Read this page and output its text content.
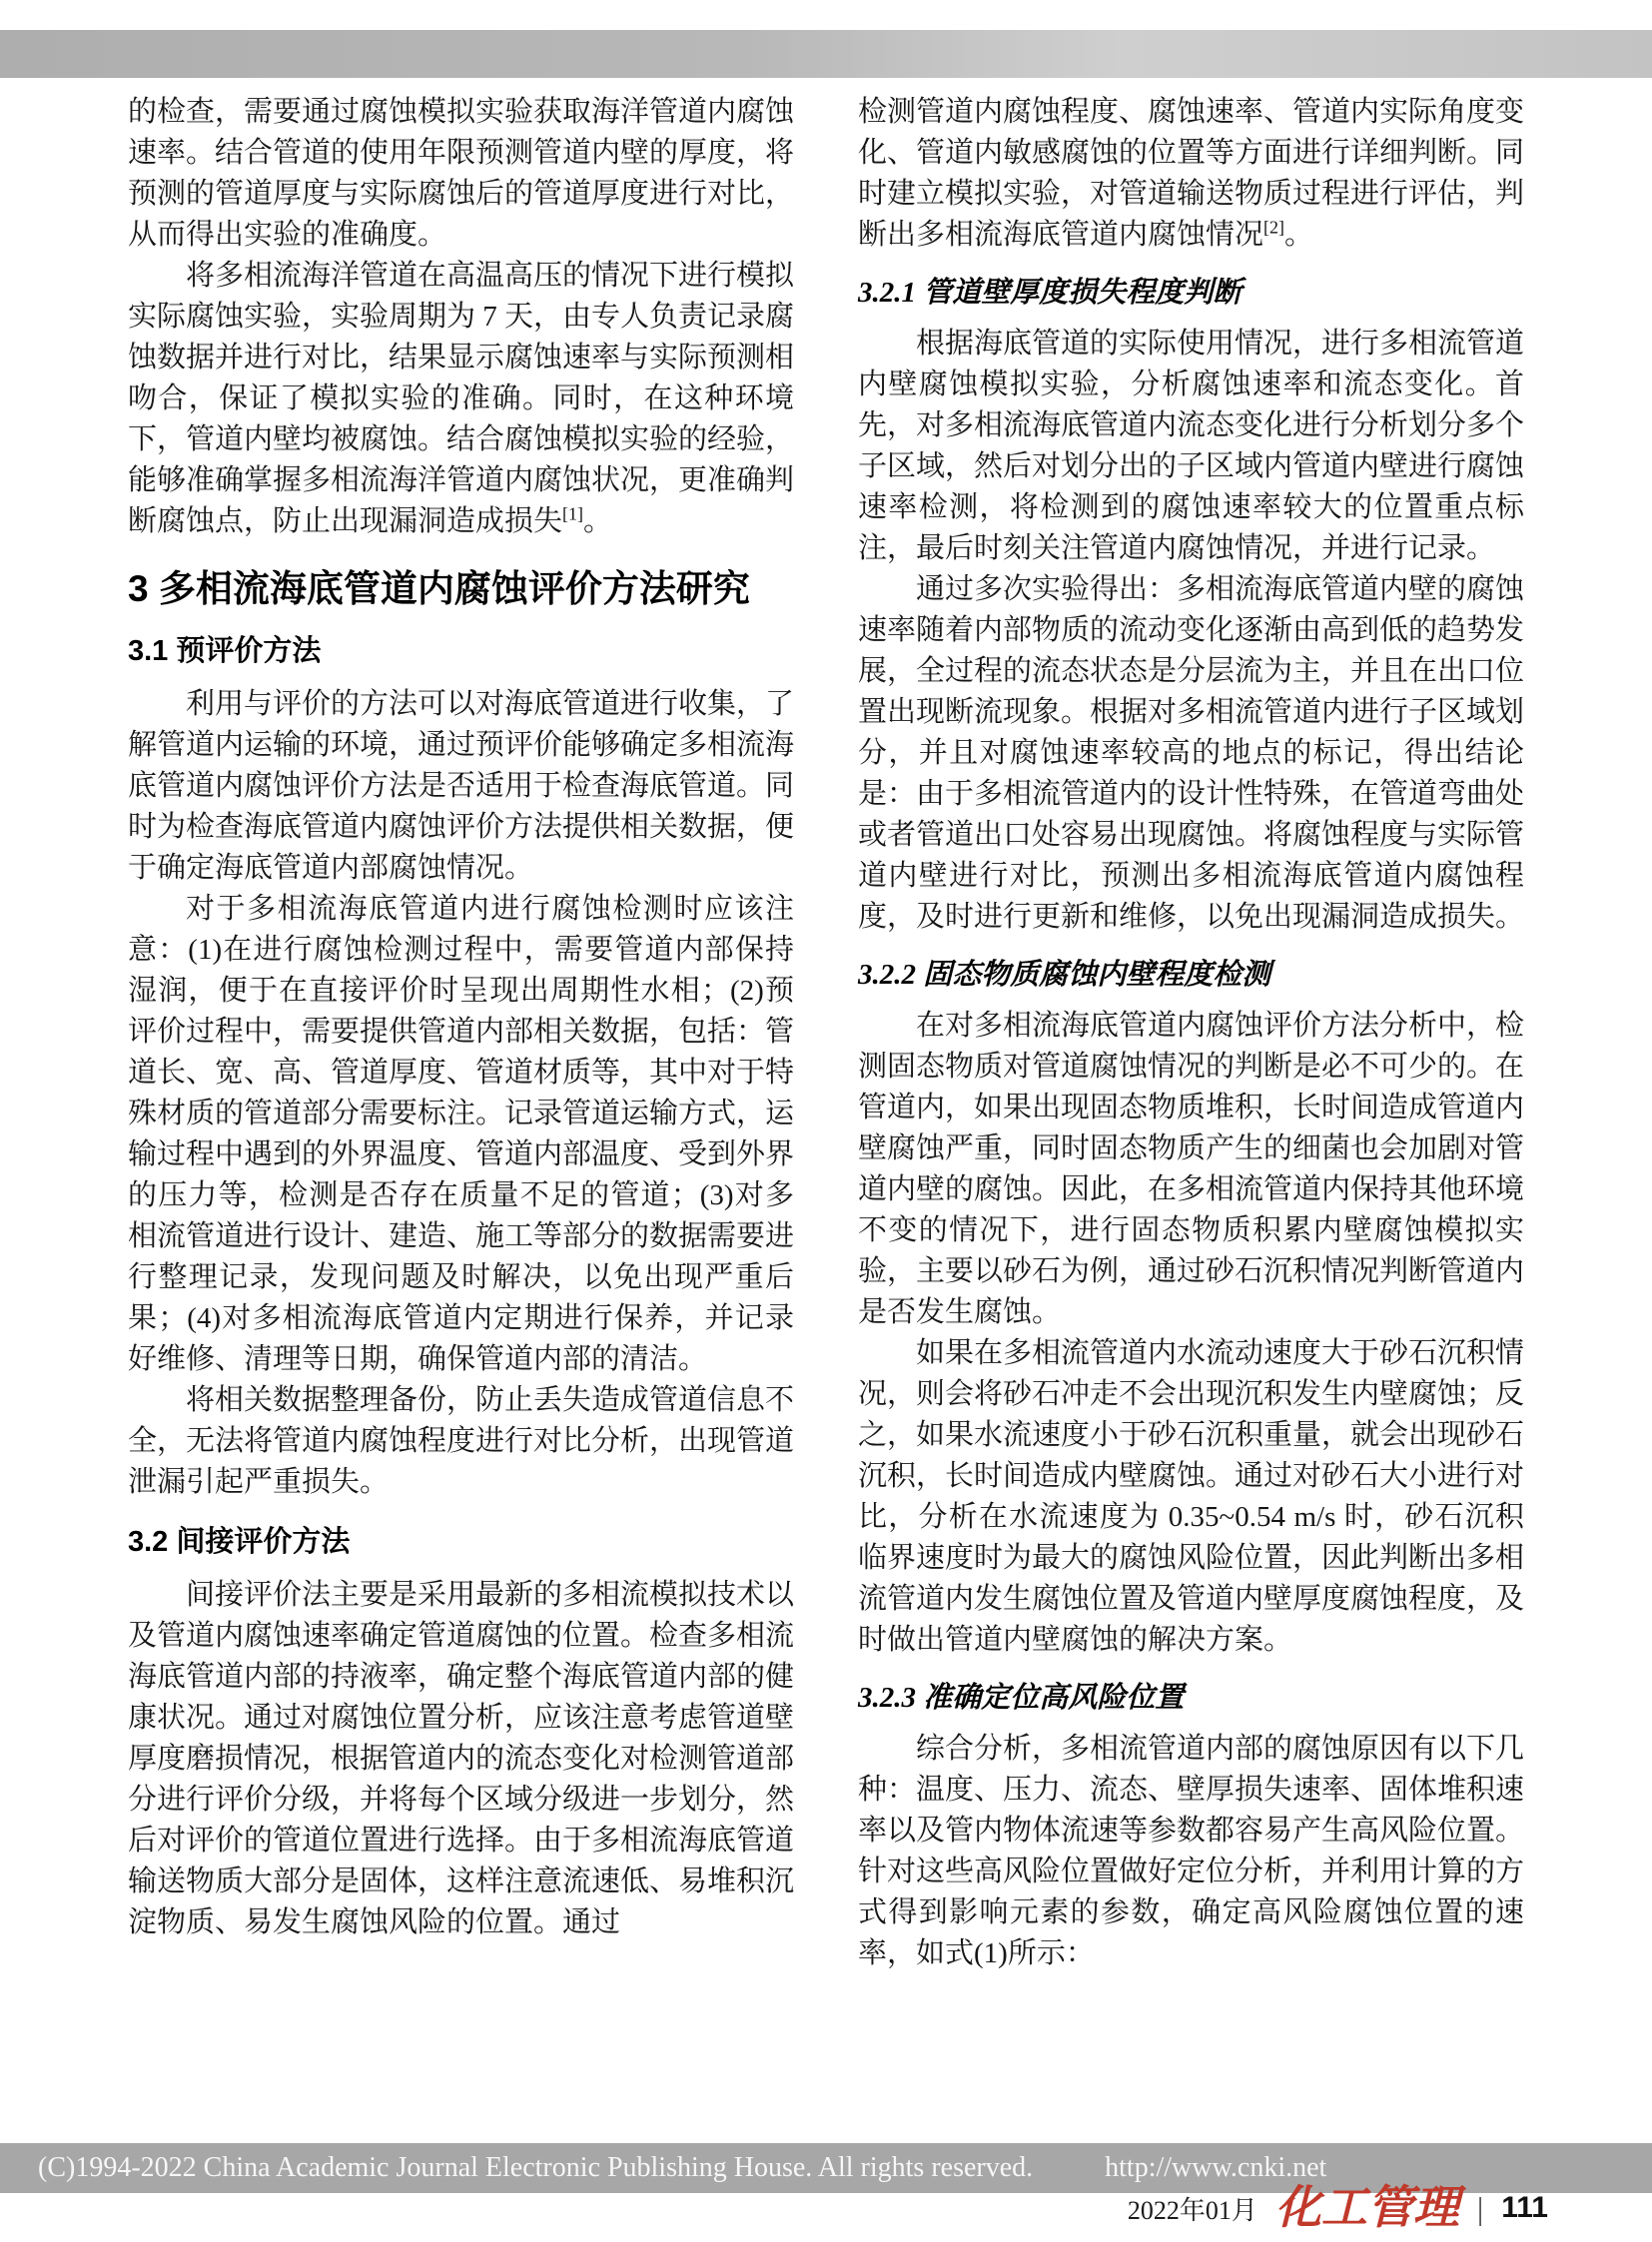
的检查，需要通过腐蚀模拟实验获取海洋管道内腐蚀速率。结合管道的使用年限预测管道内壁的厚度，将预测的管道厚度与实际腐蚀后的管道厚度进行对比，从而得出实验的准确度。

将多相流海洋管道在高温高压的情况下进行模拟实际腐蚀实验，实验周期为 7 天，由专人负责记录腐蚀数据并进行对比，结果显示腐蚀速率与实际预测相吻合，保证了模拟实验的准确。同时，在这种环境下，管道内壁均被腐蚀。结合腐蚀模拟实验的经验，能够准确掌握多相流海洋管道内腐蚀状况，更准确判断腐蚀点，防止出现漏洞造成损失[1]。

3 多相流海底管道内腐蚀评价方法研究
3.1 预评价方法

利用与评价的方法可以对海底管道进行收集，了解管道内运输的环境，通过预评价能够确定多相流海底管道内腐蚀评价方法是否适用于检查海底管道。同时为检查海底管道内腐蚀评价方法提供相关数据，便于确定海底管道内部腐蚀情况。

对于多相流海底管道内进行腐蚀检测时应该注意：(1)在进行腐蚀检测过程中，需要管道内部保持湿润，便于在直接评价时呈现出周期性水相；(2)预评价过程中，需要提供管道内部相关数据，包括：管道长、宽、高、管道厚度、管道材质等，其中对于特殊材质的管道部分需要标注。记录管道运输方式，运输过程中遇到的外界温度、管道内部温度、受到外界的压力等，检测是否存在质量不足的管道；(3)对多相流管道进行设计、建造、施工等部分的数据需要进行整理记录，发现问题及时解决，以免出现严重后果；(4)对多相流海底管道内定期进行保养，并记录好维修、清理等日期，确保管道内部的清洁。

将相关数据整理备份，防止丢失造成管道信息不全，无法将管道内腐蚀程度进行对比分析，出现管道泄漏引起严重损失。

3.2 间接评价方法

间接评价法主要是采用最新的多相流模拟技术以及管道内腐蚀速率确定管道腐蚀的位置。检查多相流海底管道内部的持液率，确定整个海底管道内部的健康状况。通过对腐蚀位置分析，应该注意考虑管道壁厚度磨损情况，根据管道内的流态变化对检测管道部分进行评价分级，并将每个区域分级进一步划分，然后对评价的管道位置进行选择。由于多相流海底管道输送物质大部分是固体，这样注意流速低、易堆积沉淀物质、易发生腐蚀风险的位置。通过

检测管道内腐蚀程度、腐蚀速率、管道内实际角度变化、管道内敏感腐蚀的位置等方面进行详细判断。同时建立模拟实验，对管道输送物质过程进行评估，判断出多相流海底管道内腐蚀情况[2]。

3.2.1 管道壁厚度损失程度判断

根据海底管道的实际使用情况，进行多相流管道内壁腐蚀模拟实验，分析腐蚀速率和流态变化。首先，对多相流海底管道内流态变化进行分析划分多个子区域，然后对划分出的子区域内管道内壁进行腐蚀速率检测，将检测到的腐蚀速率较大的位置重点标注，最后时刻关注管道内腐蚀情况，并进行记录。

通过多次实验得出：多相流海底管道内壁的腐蚀速率随着内部物质的流动变化逐渐由高到低的趋势发展，全过程的流态状态是分层流为主，并且在出口位置出现断流现象。根据对多相流管道内进行子区域划分，并且对腐蚀速率较高的地点的标记，得出结论是：由于多相流管道内的设计性特殊，在管道弯曲处或者管道出口处容易出现腐蚀。将腐蚀程度与实际管道内壁进行对比，预测出多相流海底管道内腐蚀程度，及时进行更新和维修，以免出现漏洞造成损失。

3.2.2 固态物质腐蚀内壁程度检测

在对多相流海底管道内腐蚀评价方法分析中，检测固态物质对管道腐蚀情况的判断是必不可少的。在管道内，如果出现固态物质堆积，长时间造成管道内壁腐蚀严重，同时固态物质产生的细菌也会加剧对管道内壁的腐蚀。因此，在多相流管道内保持其他环境不变的情况下，进行固态物质积累内壁腐蚀模拟实验，主要以砂石为例，通过砂石沉积情况判断管道内是否发生腐蚀。

如果在多相流管道内水流动速度大于砂石沉积情况，则会将砂石冲走不会出现沉积发生内壁腐蚀；反之，如果水流速度小于砂石沉积重量，就会出现砂石沉积，长时间造成内壁腐蚀。通过对砂石大小进行对比，分析在水流速度为 0.35~0.54 m/s 时，砂石沉积临界速度时为最大的腐蚀风险位置，因此判断出多相流管道内发生腐蚀位置及管道内壁厚度腐蚀程度，及时做出管道内壁腐蚀的解决方案。

3.2.3 准确定位高风险位置

综合分析，多相流管道内部的腐蚀原因有以下几种：温度、压力、流态、壁厚损失速率、固体堆积速率以及管内物体流速等参数都容易产生高风险位置。针对这些高风险位置做好定位分析，并利用计算的方式得到影响元素的参数，确定高风险腐蚀位置的速率，如式(1)所示：

(C)1994-2022 China Academic Journal Electronic Publishing House. All rights reserved.	http://www.cnki.net
2022年01月 化工管理 | 111
